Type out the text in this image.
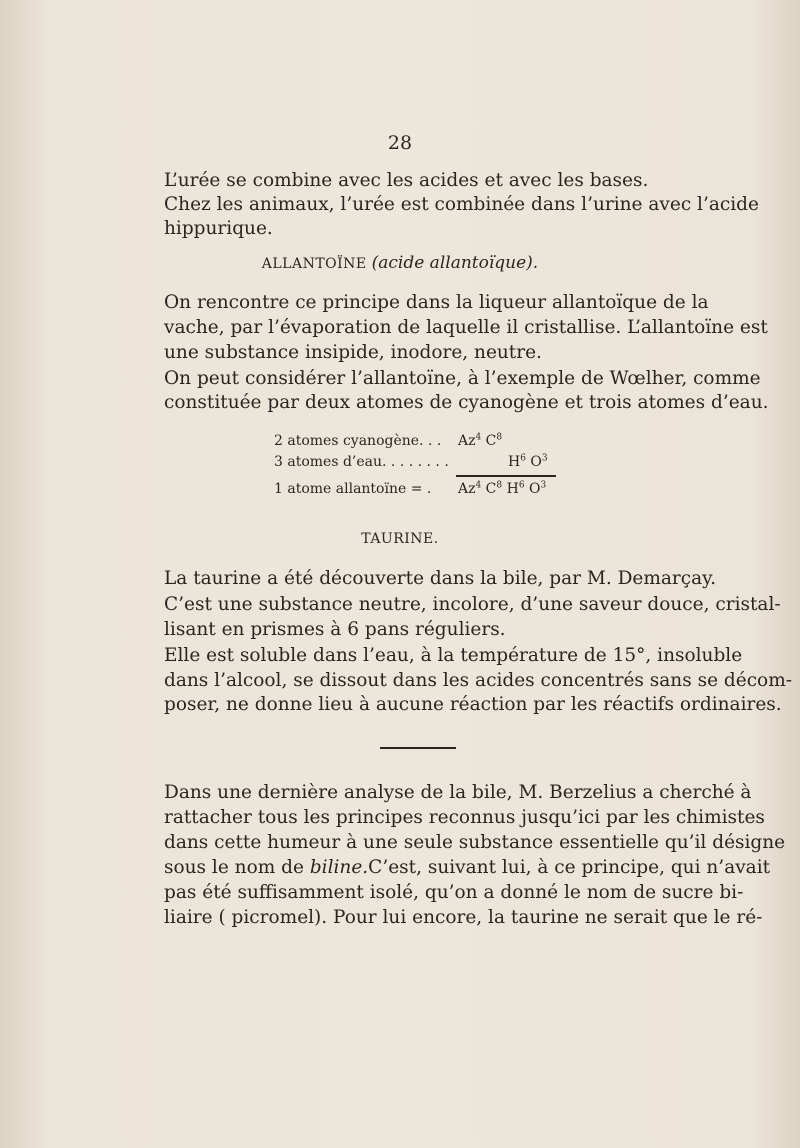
28
L’urée se combine avec les acides et avec les bases.
Chez les animaux, l’urée est combinée dans l’urine avec l’acide
hippurique.
ALLANTOÏNE (acide allantoïque).
On rencontre ce principe dans la liqueur allantoïque de la
vache, par l’évaporation de laquelle il cristallise. L’allantoïne est
une substance insipide, inodore, neutre.
On peut considérer l’allantoïne, à l’exemple de Wœlher, comme
constituée par deux atomes de cyanogène et trois atomes d’eau.
2 atomes cyanogène. . . Az$^4$ $C^8$
3 atomes d’eau. . . . . . . .	$H^6$ $O^3$
1 atome allantoïne = . Az$^4$ $C^8$ $H^6$ $O^3$
TAURINE.
La taurine a été découverte dans la bile, par M. Demarçay.
C’est une substance neutre, incolore, d’une saveur douce, cristal-
lisant en prismes à 6 pans réguliers.
Elle est soluble dans l’eau, à la température de 15°, insoluble
dans l’alcool, se dissout dans les acides concentrés sans se décom-
poser, ne donne lieu à aucune réaction par les réactifs ordinaires.
Dans une dernière analyse de la bile, M. Berzelius a cherché à
rattacher tous les principes reconnus jusqu’ici par les chimistes
dans cette humeur à une seule substance essentielle qu’il désigne
sous le nom de biline. C’est, suivant lui, à ce principe, qui n’avait
pas été suffisamment isolé, qu’on a donné le nom de sucre bi-
liaire ( picromel). Pour lui encore, la taurine ne serait que le ré-
